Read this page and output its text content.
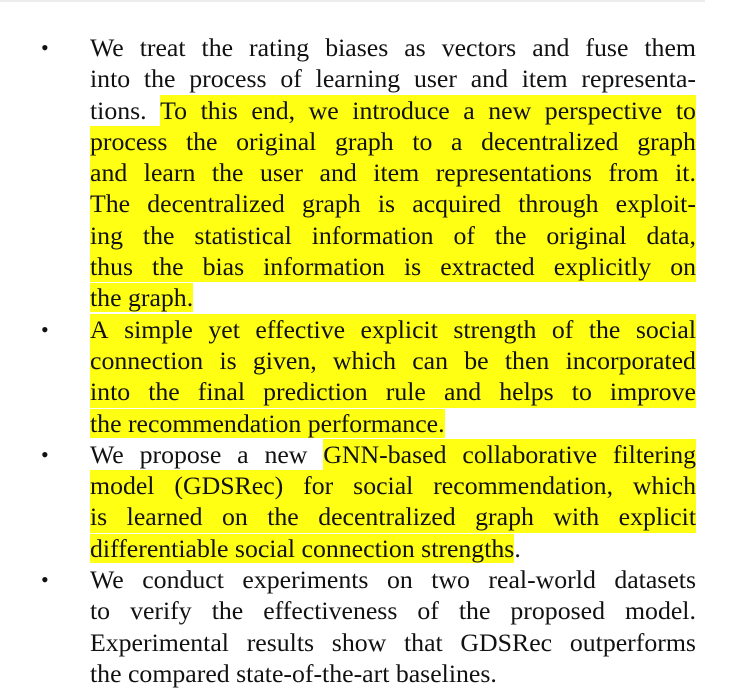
• We treat the rating biases as vectors and fuse them
into the process of learning user and item representa-
tions. To this end, we introduce a new perspective to
process the original graph to a decentralized graph
and learn the user and item representations from it.
The decentralized graph is acquired through exploit-
ing the statistical information of the original data,
thus the bias information is extracted explicitly on
the graph.
• A simple yet effective explicit strength of the social
connection is given, which can be then incorporated
into the final prediction rule and helps to improve
the recommendation performance.
• We propose a new GNN-based collaborative filtering
model (GDSRec) for social recommendation, which
is learned on the decentralized graph with explicit
differentiable social connection strengths.
• We conduct experiments on two real-world datasets
to verify the effectiveness of the proposed model.
Experimental results show that GDSRec outperforms
the compared state-of-the-art baselines.
